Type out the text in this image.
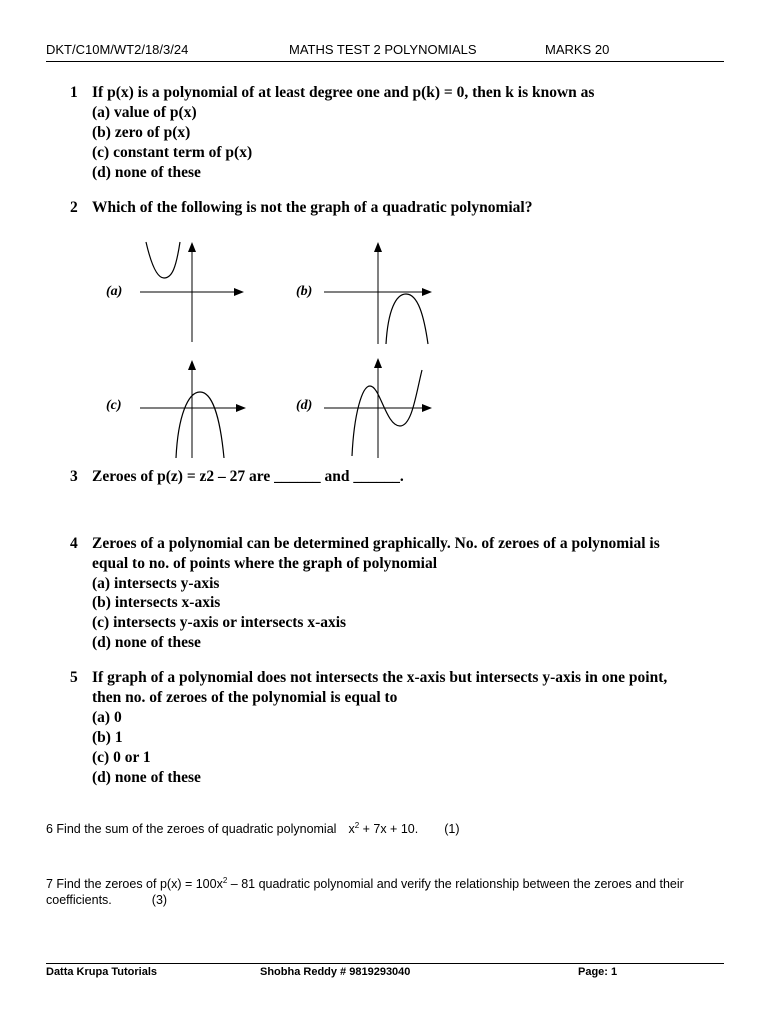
DKT/C10M/WT2/18/3/24	MATHS TEST 2 POLYNOMIALS	MARKS 20
1 If p(x) is a polynomial of at least degree one and p(k) = 0, then k is known as
(a) value of p(x)
(b) zero of p(x)
(c) constant term of p(x)
(d) none of these
2 Which of the following is not the graph of a quadratic polynomial?
(a)	(b)
(c)	(d)
3 Zeroes of p(z) = z2 – 27 are ______ and ______.
4 Zeroes of a polynomial can be determined graphically. No. of zeroes of a polynomial is
equal to no. of points where the graph of polynomial
(a) intersects y-axis
(b) intersects x-axis
(c) intersects y-axis or intersects x-axis
(d) none of these
5 If graph of a polynomial does not intersects the x-axis but intersects y-axis in one point,
then no. of zeroes of the polynomial is equal to
(a) 0
(b) 1
(c) 0 or 1
(d) none of these
6 Find the sum of the zeroes of quadratic polynomial $x^2 + 7x + 10$. (1)
7 Find the zeroes of $p(x) = 100x^2 - 81$ quadratic polynomial and verify the relationship between the zeroes and their
coefficients.	(3)
Datta Krupa Tutorials	Shobha Reddy # 9819293040	Page: 1
